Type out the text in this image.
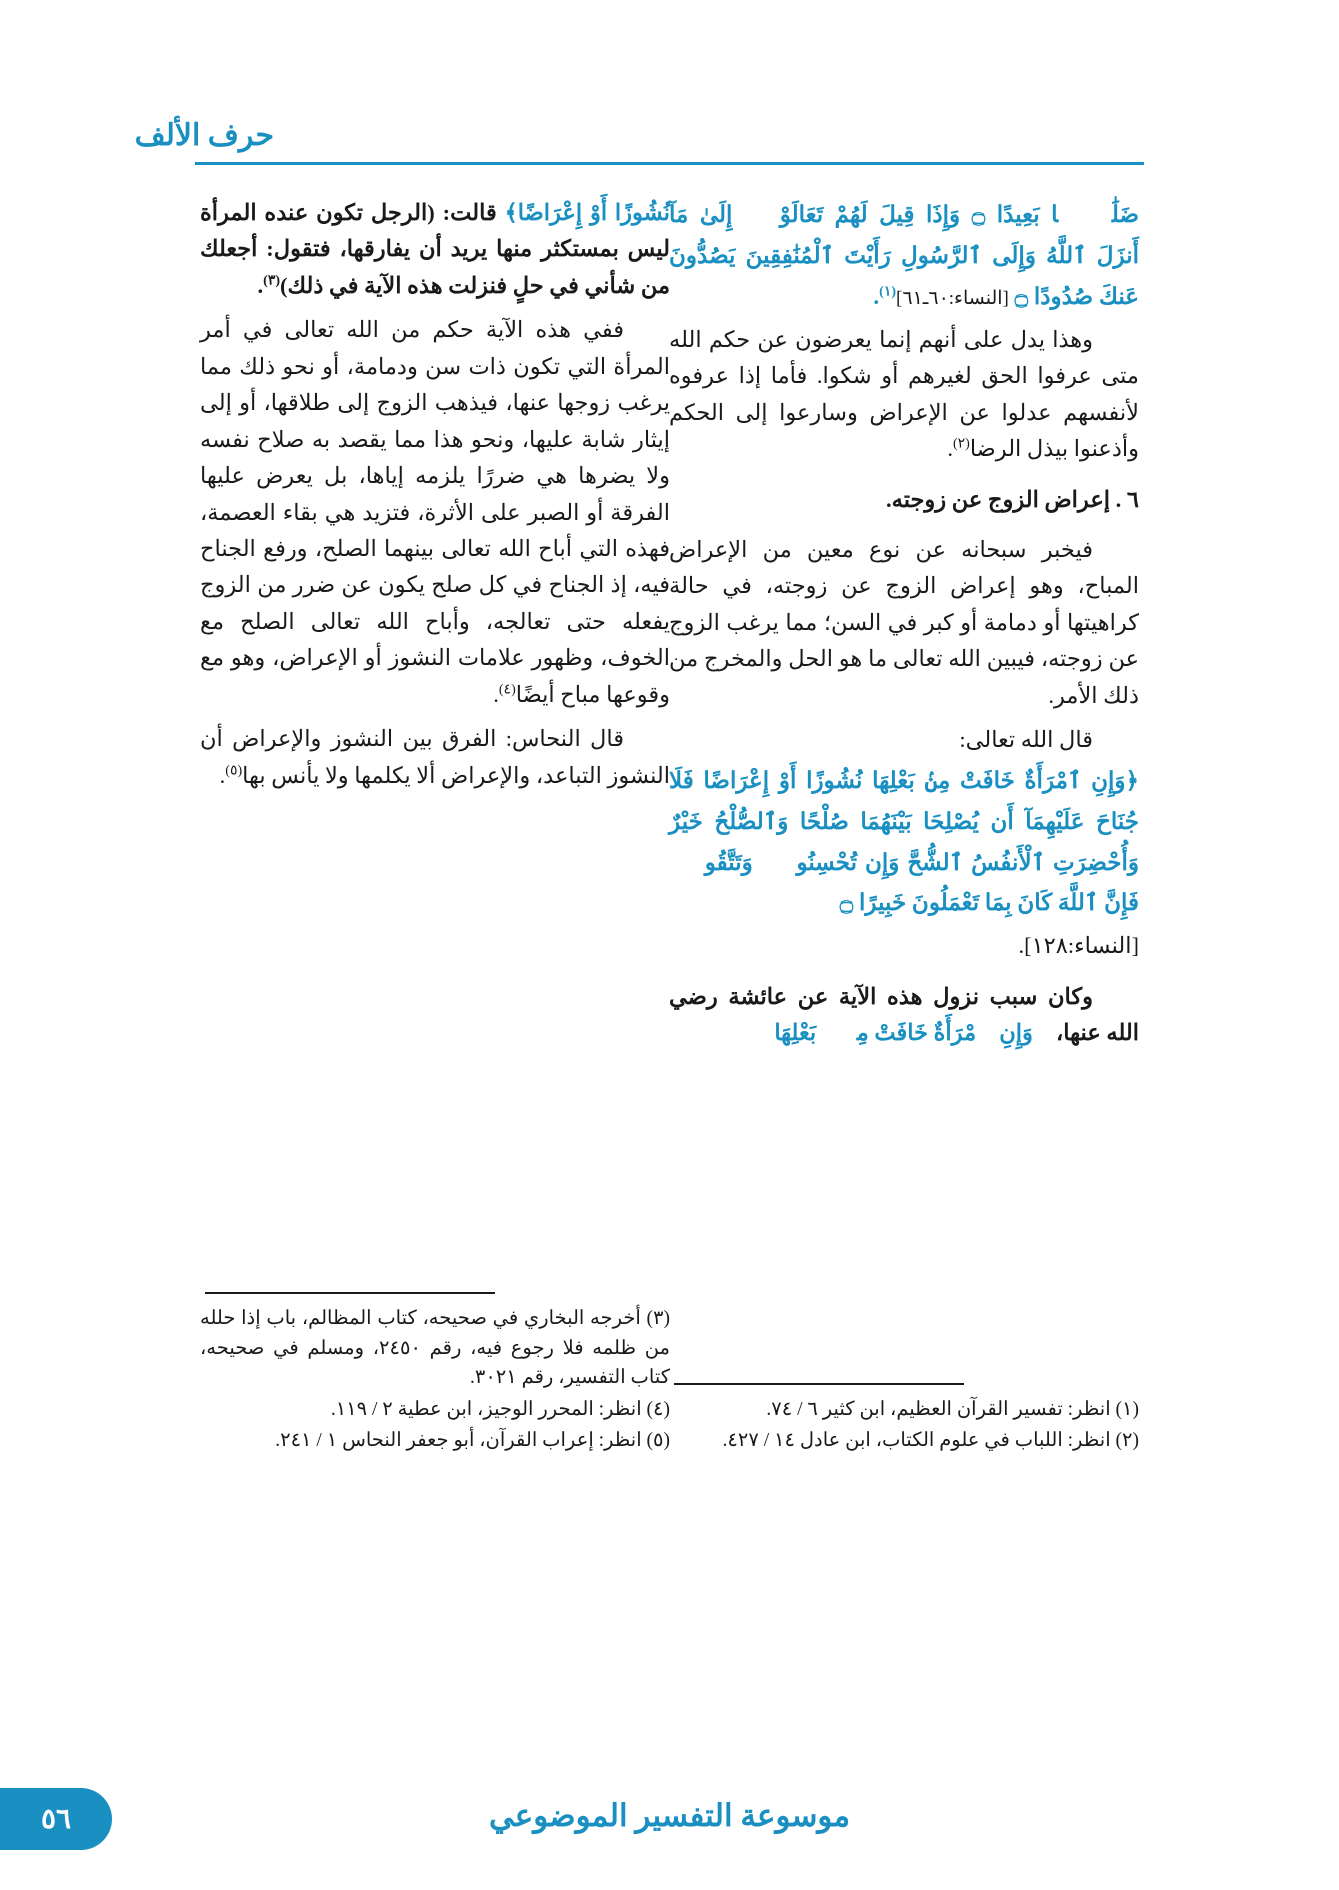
حرف الألف

ضَلَٰلَۢا بَعِيدًا ۝ وَإِذَا قِيلَ لَهُمْ تَعَالَوْا۟ إِلَىٰ مَآ أَنزَلَ ٱللَّهُ وَإِلَى ٱلرَّسُولِ رَأَيْتَ ٱلْمُنَٰفِقِينَ يَصُدُّونَ عَنكَ صُدُودًا ۝ [النساء:٦٠ـ٦١]$^{(١)}$.

وهذا يدل على أنهم إنما يعرضون عن حكم الله متى عرفوا الحق لغيرهم أو شكوا. فأما إذا عرفوه لأنفسهم عدلوا عن الإعراض وسارعوا إلى الحكم وأذعنوا بيذل الرضا$^{(٢)}$.

٦ . إعراض الزوج عن زوجته.

فيخبر سبحانه عن نوع معين من الإعراض المباح، وهو إعراض الزوج عن زوجته، في حالة كراهيتها أو دمامة أو كبر في السن؛ مما يرغب الزوج عن زوجته، فيبين الله تعالى ما هو الحل والمخرج من ذلك الأمر.

قال الله تعالى:

﴿وَإِنِ ٱمْرَأَةٌ خَافَتْ مِنۢ بَعْلِهَا نُشُوزًا أَوْ إِعْرَاضًا فَلَا جُنَاحَ عَلَيْهِمَآ أَن يُصْلِحَا بَيْنَهُمَا صُلْحًا وَٱلصُّلْحُ خَيْرٌ وَأُحْضِرَتِ ٱلْأَنفُسُ ٱلشُّحَّ وَإِن تُحْسِنُوا۟ وَتَتَّقُوا۟ فَإِنَّ ٱللَّهَ كَانَ بِمَا تَعْمَلُونَ خَبِيرًا ۝

[النساء:١٢٨].

وكان سبب نزول هذه الآية عن عائشة رضي الله عنها، ﴿وَإِنِ ٱمْرَأَةٌ خَافَتْ مِنۢ بَعْلِهَا

نُشُوزًا أَوْ إِعْرَاضًا﴾ قالت: (الرجل تكون عنده المرأة ليس بمستكثر منها يريد أن يفارقها، فتقول: أجعلك من شأني في حلٍ فنزلت هذه الآية في ذلك)$^{(٣)}$.

ففي هذه الآية حكم من الله تعالى في أمر المرأة التي تكون ذات سن ودمامة، أو نحو ذلك مما يرغب زوجها عنها، فيذهب الزوج إلى طلاقها، أو إلى إيثار شابة عليها، ونحو هذا مما يقصد به صلاح نفسه ولا يضرها هي ضررًا يلزمه إياها، بل يعرض عليها الفرقة أو الصبر على الأثرة، فتزيد هي بقاء العصمة، فهذه التي أباح الله تعالى بينهما الصلح، ورفع الجناح فيه، إذ الجناح في كل صلح يكون عن ضرر من الزوج يفعله حتى تعالجه، وأباح الله تعالى الصلح مع الخوف، وظهور علامات النشوز أو الإعراض، وهو مع وقوعها مباح أيضًا$^{(٤)}$.

قال النحاس: الفرق بين النشوز والإعراض أن النشوز التباعد، والإعراض ألا يكلمها ولا يأنس بها$^{(٥)}$.

(١) انظر: تفسير القرآن العظيم، ابن كثير ٦ / ٧٤.
(٢) انظر: اللباب في علوم الكتاب، ابن عادل ١٤ / ٤٢٧.
(٣) أخرجه البخاري في صحيحه، كتاب المظالم، باب إذا حلله من ظلمه فلا رجوع فيه، رقم ٢٤٥٠، ومسلم في صحيحه، كتاب التفسير، رقم ٣٠٢١.
(٤) انظر: المحرر الوجيز، ابن عطية ٢ / ١١٩.
(٥) انظر: إعراب القرآن، أبو جعفر النحاس ١ / ٢٤١.
موسوعة التفسير الموضوعي
٥٦
